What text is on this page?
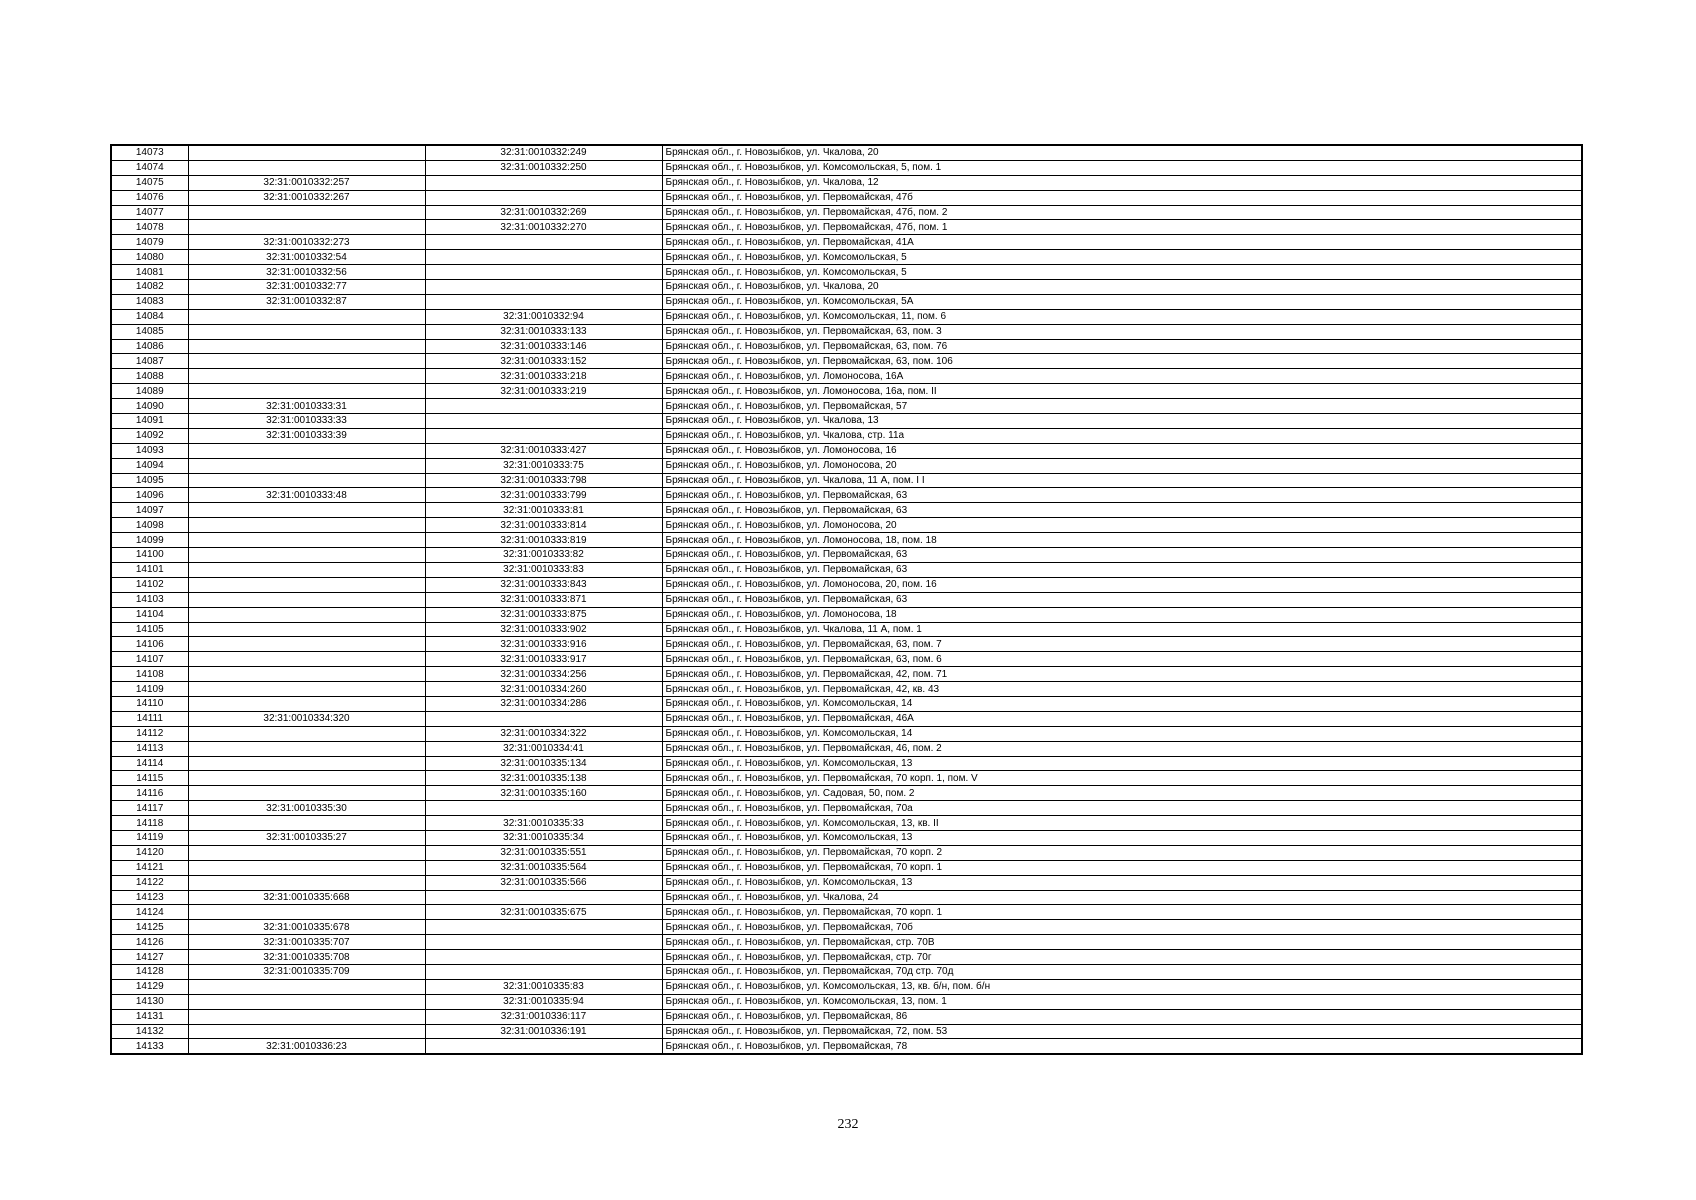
14073		32:31:0010332:249	Брянская обл., г. Новозыбков, ул. Чкалова, 20
14074		32:31:0010332:250	Брянская обл., г. Новозыбков, ул. Комсомольская, 5, пом. 1
14075	32:31:0010332:257		Брянская обл., г. Новозыбков, ул. Чкалова, 12
14076	32:31:0010332:267		Брянская обл., г. Новозыбков, ул. Первомайская, 47б
14077		32:31:0010332:269	Брянская обл., г. Новозыбков, ул. Первомайская, 47б, пом. 2
14078		32:31:0010332:270	Брянская обл., г. Новозыбков, ул. Первомайская, 47б, пом. 1
14079	32:31:0010332:273		Брянская обл., г. Новозыбков, ул. Первомайская, 41А
14080	32:31:0010332:54		Брянская обл., г. Новозыбков, ул. Комсомольская, 5
14081	32:31:0010332:56		Брянская обл., г. Новозыбков, ул. Комсомольская, 5
14082	32:31:0010332:77		Брянская обл., г. Новозыбков, ул. Чкалова, 20
14083	32:31:0010332:87		Брянская обл., г. Новозыбков, ул. Комсомольская, 5А
14084		32:31:0010332:94	Брянская обл., г. Новозыбков, ул. Комсомольская, 11, пом. 6
14085		32:31:0010333:133	Брянская обл., г. Новозыбков, ул. Первомайская, 63, пом. 3
14086		32:31:0010333:146	Брянская обл., г. Новозыбков, ул. Первомайская, 63, пом. 76
14087		32:31:0010333:152	Брянская обл., г. Новозыбков, ул. Первомайская, 63, пом. 106
14088		32:31:0010333:218	Брянская обл., г. Новозыбков, ул. Ломоносова, 16А
14089		32:31:0010333:219	Брянская обл., г. Новозыбков, ул. Ломоносова, 16а, пом. II
14090	32:31:0010333:31		Брянская обл., г. Новозыбков, ул. Первомайская, 57
14091	32:31:0010333:33		Брянская обл., г. Новозыбков, ул. Чкалова, 13
14092	32:31:0010333:39		Брянская обл., г. Новозыбков, ул. Чкалова, стр. 11а
14093		32:31:0010333:427	Брянская обл., г. Новозыбков, ул. Ломоносова, 16
14094		32:31:0010333:75	Брянская обл., г. Новозыбков, ул. Ломоносова, 20
14095		32:31:0010333:798	Брянская обл., г. Новозыбков, ул. Чкалова, 11 А, пом. I I
14096	32:31:0010333:48	32:31:0010333:799	Брянская обл., г. Новозыбков, ул. Первомайская, 63
14097		32:31:0010333:81	Брянская обл., г. Новозыбков, ул. Первомайская, 63
14098		32:31:0010333:814	Брянская обл., г. Новозыбков, ул. Ломоносова, 20
14099		32:31:0010333:819	Брянская обл., г. Новозыбков, ул. Ломоносова, 18, пом. 18
14100		32:31:0010333:82	Брянская обл., г. Новозыбков, ул. Первомайская, 63
14101		32:31:0010333:83	Брянская обл., г. Новозыбков, ул. Первомайская, 63
14102		32:31:0010333:843	Брянская обл., г. Новозыбков, ул. Ломоносова, 20, пом. 16
14103		32:31:0010333:871	Брянская обл., г. Новозыбков, ул. Первомайская, 63
14104		32:31:0010333:875	Брянская обл., г. Новозыбков, ул. Ломоносова, 18
14105		32:31:0010333:902	Брянская обл., г. Новозыбков, ул. Чкалова, 11 А, пом. 1
14106		32:31:0010333:916	Брянская обл., г. Новозыбков, ул. Первомайская, 63, пом. 7
14107		32:31:0010333:917	Брянская обл., г. Новозыбков, ул. Первомайская, 63, пом. 6
14108		32:31:0010334:256	Брянская обл., г. Новозыбков, ул. Первомайская, 42, пом. 71
14109		32:31:0010334:260	Брянская обл., г. Новозыбков, ул. Первомайская, 42, кв. 43
14110		32:31:0010334:286	Брянская обл., г. Новозыбков, ул. Комсомольская, 14
14111	32:31:0010334:320		Брянская обл., г. Новозыбков, ул. Первомайская, 46А
14112		32:31:0010334:322	Брянская обл., г. Новозыбков, ул. Комсомольская, 14
14113		32:31:0010334:41	Брянская обл., г. Новозыбков, ул. Первомайская, 46, пом. 2
14114		32:31:0010335:134	Брянская обл., г. Новозыбков, ул. Комсомольская, 13
14115		32:31:0010335:138	Брянская обл., г. Новозыбков, ул. Первомайская, 70 корп. 1, пом. V
14116		32:31:0010335:160	Брянская обл., г. Новозыбков, ул. Садовая, 50, пом. 2
14117	32:31:0010335:30		Брянская обл., г. Новозыбков, ул. Первомайская, 70а
14118		32:31:0010335:33	Брянская обл., г. Новозыбков, ул. Комсомольская, 13, кв. II
14119	32:31:0010335:27	32:31:0010335:34	Брянская обл., г. Новозыбков, ул. Комсомольская, 13
14120		32:31:0010335:551	Брянская обл., г. Новозыбков, ул. Первомайская, 70 корп. 2
14121		32:31:0010335:564	Брянская обл., г. Новозыбков, ул. Первомайская, 70 корп. 1
14122		32:31:0010335:566	Брянская обл., г. Новозыбков, ул. Комсомольская, 13
14123	32:31:0010335:668		Брянская обл., г. Новозыбков, ул. Чкалова, 24
14124		32:31:0010335:675	Брянская обл., г. Новозыбков, ул. Первомайская, 70 корп. 1
14125	32:31:0010335:678		Брянская обл., г. Новозыбков, ул. Первомайская, 70б
14126	32:31:0010335:707		Брянская обл., г. Новозыбков, ул. Первомайская, стр. 70В
14127	32:31:0010335:708		Брянская обл., г. Новозыбков, ул. Первомайская, стр. 70г
14128	32:31:0010335:709		Брянская обл., г. Новозыбков, ул. Первомайская, 70д стр. 70д
14129		32:31:0010335:83	Брянская обл., г. Новозыбков, ул. Комсомольская, 13, кв. б/н, пом. б/н
14130		32:31:0010335:94	Брянская обл., г. Новозыбков, ул. Комсомольская, 13, пом. 1
14131		32:31:0010336:117	Брянская обл., г. Новозыбков, ул. Первомайская, 86
14132		32:31:0010336:191	Брянская обл., г. Новозыбков, ул. Первомайская, 72, пом. 53
14133	32:31:0010336:23		Брянская обл., г. Новозыбков, ул. Первомайская, 78
232
